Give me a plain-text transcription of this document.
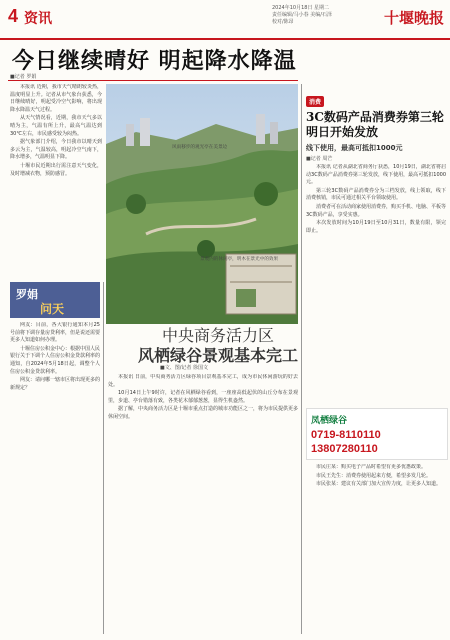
4 资讯
2024年10月18日 星期二
责任编辑/马小春 美编/石泽
校对/陈昂	十堰晚报
今日继续晴好 明起降水降温
■记者 罗娟

本报讯 近期，我市天气晴朗较炎热，温度明显上升。记者从市气象台获悉，今日继续晴好，明起受冷空气影响，将出现降水降温天气过程。

从天气情况看，近期，我市天气多以晴为主，气温有所上升，最高气温达到30℃左右，市民感受较为闷热。

据气象部门介绍，今日我市以晴天到多云为主，气温较高，明起冷空气南下，降水增多，气温明显下降。

十堰市民近期出行需注意天气变化，及时增减衣物，预防感冒。

风雨移步的观光亭在美景边
景观内的休闲亭，明木在景光中的效果
罗娟
问天
中央商务活力区
风栖绿谷景观基本完工
■文、图/记者 徐国文

网友：目前，各大银行通知本月25号前将下调存量房贷利率，但是说还需要更多人知道如何办理。

十堰住房公积金中心：根据中国人民银行关于下调个人住房公积金贷款利率的通知，自2024年5月18日起，调整个人住房公积金贷款利率。

网友：请问哪一辖市区将出现更多的新规定？

本报讯 日前，中央商务活力区绿谷项目景观基本完工，成为市民休闲游玩的好去处。

10月14日上午9时许，记者在风栖绿谷看到，一座座高低起伏的山丘分布在景观里，步道、亭台错落有致，各类花木郁郁葱葱，显得生机盎然。

据了解，中央商务活力区是十堰市重点打造的城市功能区之一，将为市民提供更多休闲空间。

消费
3C数码产品消费券第三轮明日开始发放
线下使用，最高可抵扣1000元
■记者 周芒

本报讯 记者从湖北省商务厅获悉，10月19日，湖北省将启动3C数码产品消费券第三轮发放，线下使用，最高可抵扣1000元。

第三轮3C数码产品消费券分为三档发放，线上领取，线下消费核销，市民可通过相关平台领取使用。

消费者可在活动商家使用消费券，购买手机、电脑、平板等3C数码产品，享受实惠。

本次发放时间为10月19日至10月31日，数量有限，领完即止。

凤栖绿谷
0719-8110110
13807280110

市民庄某：购买电子产品时希望有更多优惠政策。

市民王先生：消费券使用起来方便，希望多发几轮。

市民张某：建议有关部门加大宣传力度，让更多人知道。
